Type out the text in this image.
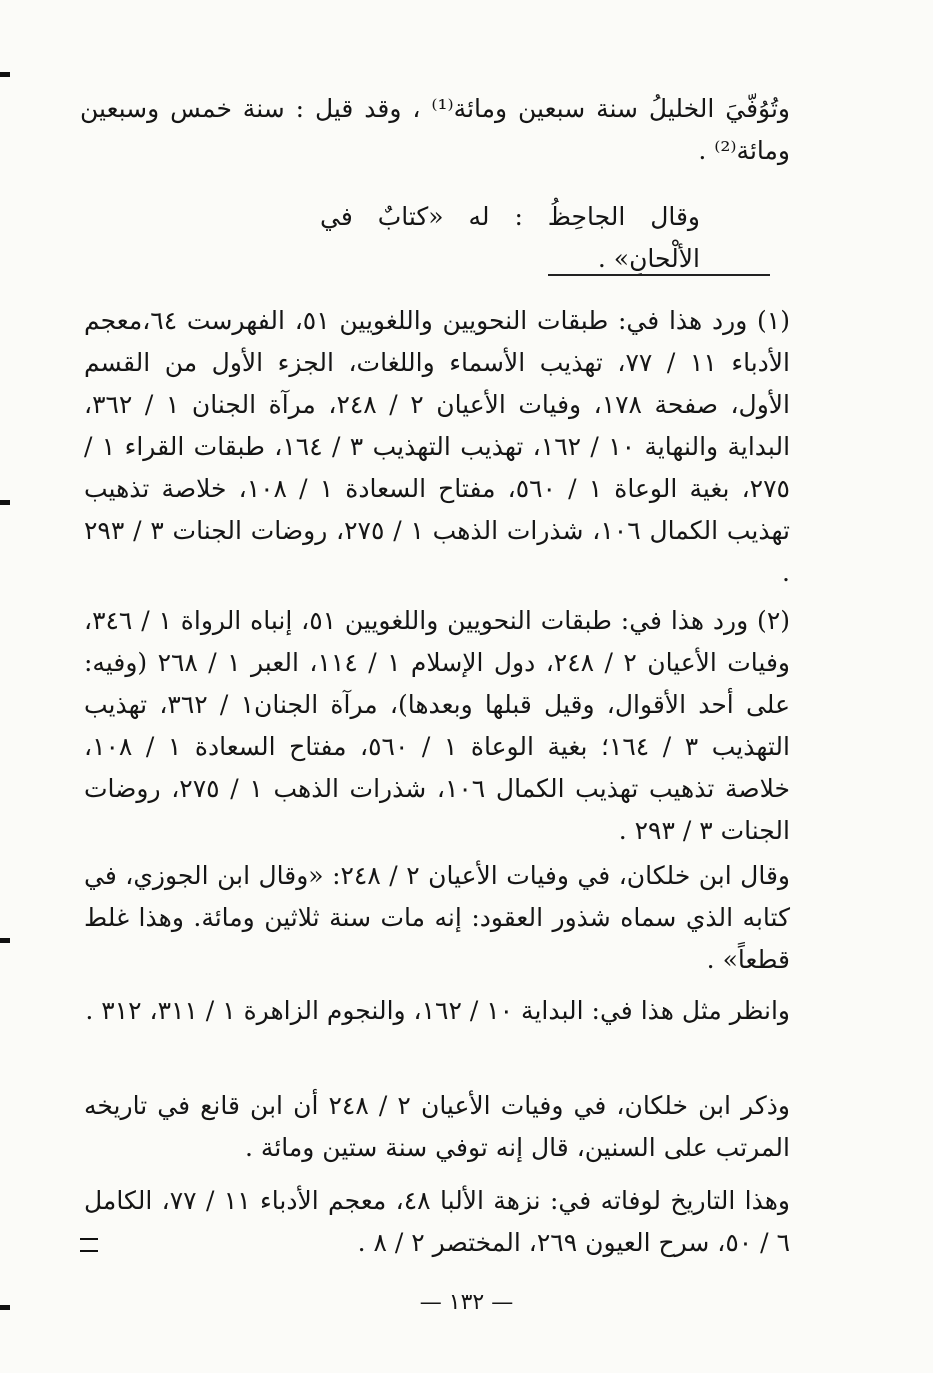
وتُوُفّيَ الخليلُ سنة سبعين ومائة⁽¹⁾ ، وقد قيل : سنة خمس وسبعين ومائة⁽²⁾ .

وقال الجاحِظُ : له «كتابٌ في الألْحانِ» .

(١) ورد هذا في: طبقات النحويين واللغويين ٥١، الفهرست ٦٤،معجم الأدباء ١١ / ٧٧، تهذيب الأسماء واللغات، الجزء الأول من القسم الأول، صفحة ١٧٨، وفيات الأعيان ٢ / ٢٤٨، مرآة الجنان ١ / ٣٦٢، البداية والنهاية ١٠ / ١٦٢، تهذيب التهذيب ٣ / ١٦٤، طبقات القراء ١ / ٢٧٥، بغية الوعاة ١ / ٥٦٠، مفتاح السعادة ١ / ١٠٨، خلاصة تذهيب تهذيب الكمال ١٠٦، شذرات الذهب ١ / ٢٧٥، روضات الجنات ٣ / ٢٩٣ .

(٢) ورد هذا في: طبقات النحويين واللغويين ٥١، إنباه الرواة ١ / ٣٤٦، وفيات الأعيان ٢ / ٢٤٨، دول الإسلام ١ / ١١٤، العبر ١ / ٢٦٨ (وفيه: على أحد الأقوال، وقيل قبلها وبعدها)، مرآة الجنان١ / ٣٦٢، تهذيب التهذيب ٣ / ١٦٤؛ بغية الوعاة ١ / ٥٦٠، مفتاح السعادة ١ / ١٠٨، خلاصة تذهيب تهذيب الكمال ١٠٦، شذرات الذهب ١ / ٢٧٥، روضات الجنات ٣ / ٢٩٣ .

وقال ابن خلكان، في وفيات الأعيان ٢ / ٢٤٨: «وقال ابن الجوزي، في كتابه الذي سماه شذور العقود: إنه مات سنة ثلاثين ومائة. وهذا غلط قطعاً» .

وانظر مثل هذا في: البداية ١٠ / ١٦٢، والنجوم الزاهرة ١ / ٣١١، ٣١٢ .

وذكر ابن خلكان، في وفيات الأعيان ٢ / ٢٤٨ أن ابن قانع في تاريخه المرتب على السنين، قال إنه توفي سنة ستين ومائة .

وهذا التاريخ لوفاته في: نزهة الألبا ٤٨، معجم الأدباء ١١ / ٧٧، الكامل ٦ / ٥٠، سرح العيون ٢٦٩، المختصر ٢ / ٨ .

— ١٣٢ —
